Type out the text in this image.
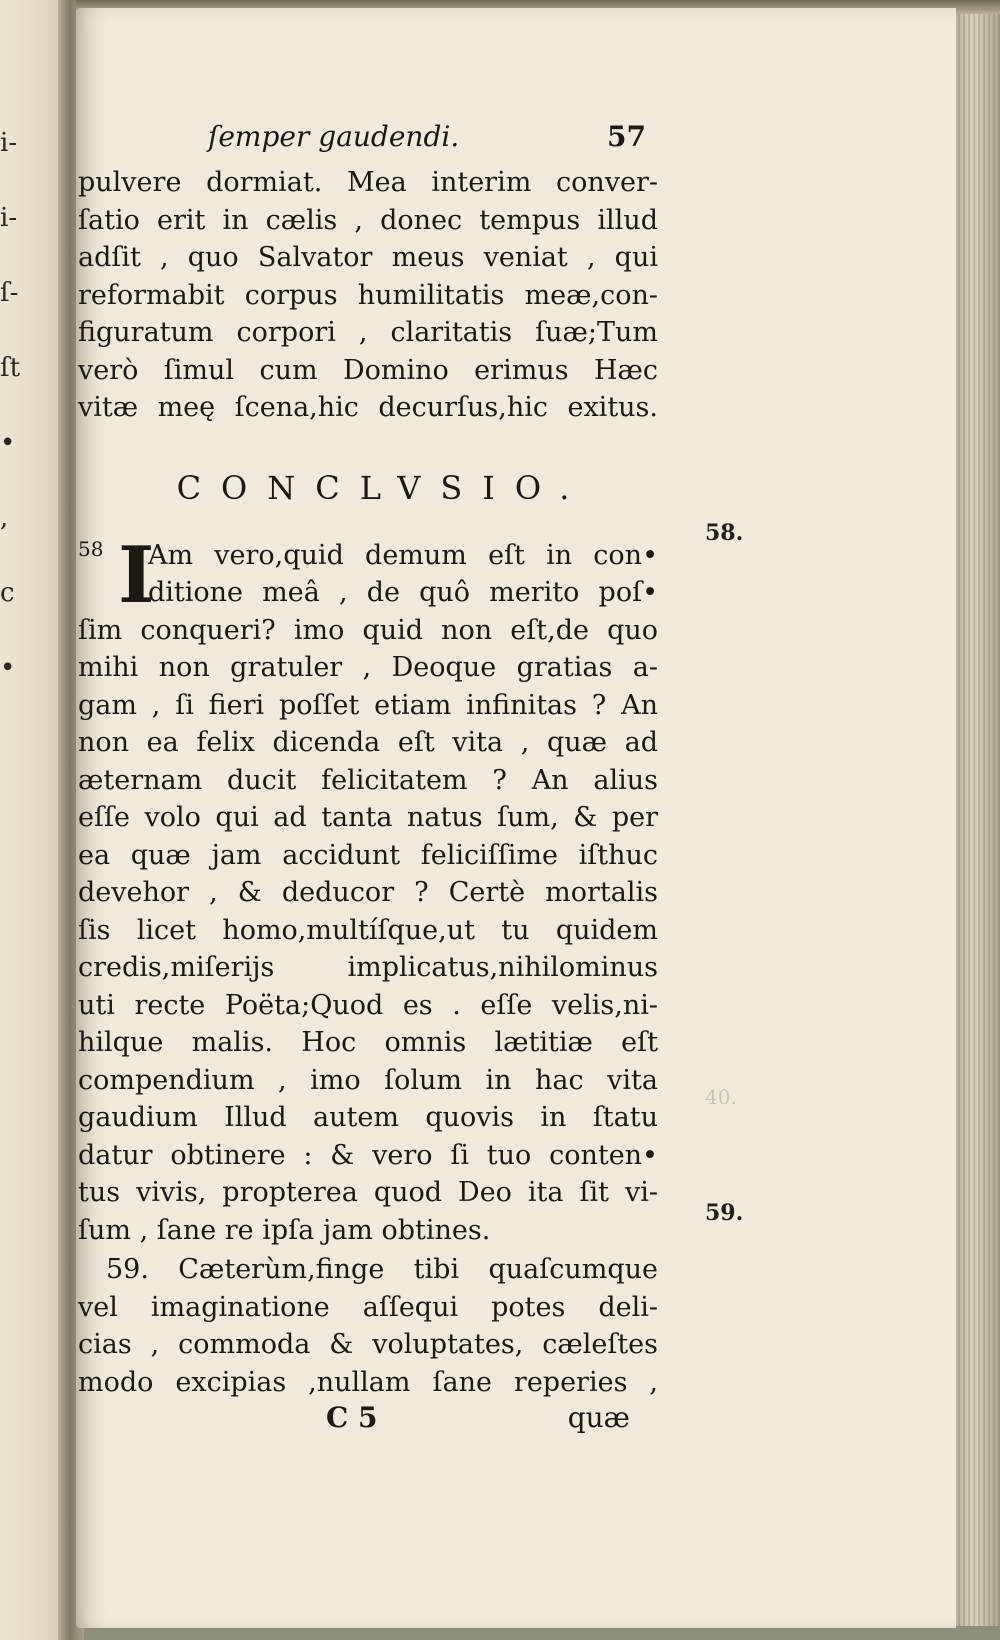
i-
i-
ſ-
ſt
•
,
c
•
40.
58.
59.
ſemper gaudendi.	57
pulvere dormiat. Mea interim conver-
ſatio erit in cælis , donec tempus illud
adſit , quo Salvator meus veniat , qui
reformabit corpus humilitatis meæ,con-
figuratum corpori , claritatis ſuæ;Tum
verò ſimul cum Domino erimus Hæc
vitæ meę ſcena,hic decurſus,hic exitus.
CONCLVSIO.
58 I
Am vero,quid demum eſt in con•
ditione meâ , de quô merito poſ•
ſim conqueri? imo quid non eſt,de quo
mihi non gratuler , Deoque gratias a-
gam , ſi fieri poſſet etiam infinitas ? An
non ea felix dicenda eſt vita , quæ ad
æternam ducit felicitatem ? An alius
eſſe volo qui ad tanta natus ſum, & per
ea quæ jam accidunt feliciſſime iſthuc
devehor , & deducor ? Certè mortalis
ſis licet homo,multíſque,ut tu quidem
credis,miſerijs implicatus,nihilominus
uti recte Poëta;Quod es . eſſe velis,ni-
hilque malis. Hoc omnis lætitiæ eſt
compendium , imo ſolum in hac vita
gaudium Illud autem quovis in ſtatu
datur obtinere : & vero ſi tuo conten•
tus vivis, propterea quod Deo ita ſit vi-
ſum , ſane re ipſa jam obtines.
59. Cæterùm,finge tibi quaſcumque
vel imaginatione aſſequi potes deli-
cias , commoda & voluptates, cæleſtes
modo excipias ,nullam ſane reperies ,
C 5	quæ
